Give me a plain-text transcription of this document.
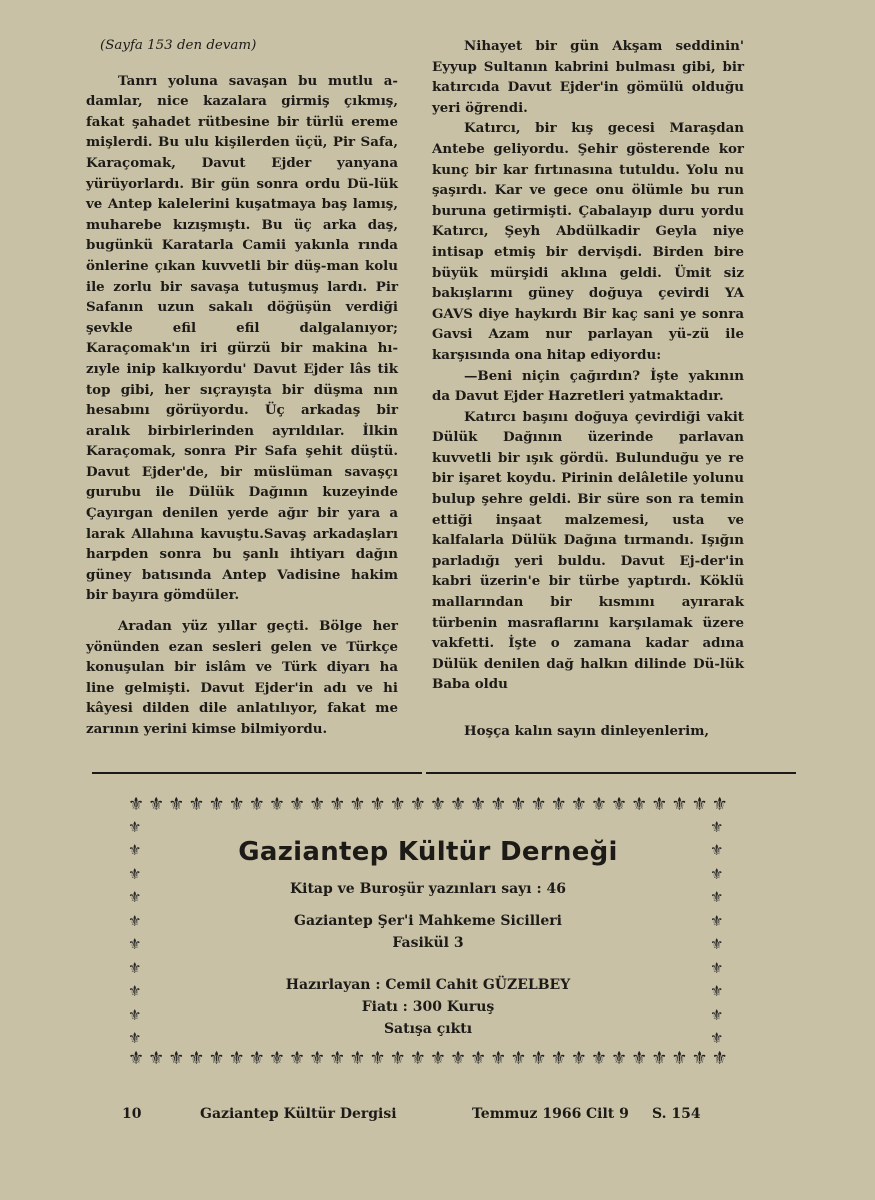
(Sayfa 153 den devam)

Tanrı yoluna savaşan bu mutlu a-damlar, nice kazalara girmiş çıkmış, fakat şahadet rütbesine bir türlü ereme mişlerdi. Bu ulu kişilerden üçü, Pir Safa, Karaçomak, Davut Ejder yanyana yürüyorlardı. Bir gün sonra ordu Dü-lük ve Antep kalelerini kuşatmaya baş lamış, muharebe kızışmıştı. Bu üç arka daş, bugünkü Karatarla Camii yakınla rında önlerine çıkan kuvvetli bir düş-man kolu ile zorlu bir savaşa tutuşmuş lardı. Pir Safanın uzun sakalı döğüşün verdiği şevkle efil efil dalgalanıyor; Karaçomak'ın iri gürzü bir makina hı-zıyle inip kalkıyordu' Davut Ejder lâs tik top gibi, her sıçrayışta bir düşma nın hesabını görüyordu. Üç arkadaş bir aralık birbirlerinden ayrıldılar. İlkin Karaçomak, sonra Pir Safa şehit düştü. Davut Ejder'de, bir müslüman savaşçı gurubu ile Dülük Dağının kuzeyinde Çayırgan denilen yerde ağır bir yara a larak Allahına kavuştu.Savaş arkadaşları harpden sonra bu şanlı ihtiyarı dağın güney batısında Antep Vadisine hakim bir bayıra gömdüler.

Aradan yüz yıllar geçti. Bölge her yönünden ezan sesleri gelen ve Türkçe konuşulan bir islâm ve Türk diyarı ha line gelmişti. Davut Ejder'in adı ve hi kâyesi dilden dile anlatılıyor, fakat me zarının yerini kimse bilmiyordu.

Nihayet bir gün Akşam seddinin' Eyyup Sultanın kabrini bulması gibi, bir katırcıda Davut Ejder'in gömülü olduğu yeri öğrendi.

Katırcı, bir kış gecesi Maraşdan Antebe geliyordu. Şehir gösterende kor kunç bir kar fırtınasına tutuldu. Yolu nu şaşırdı. Kar ve gece onu ölümle bu run buruna getirmişti. Çabalayıp duru yordu Katırcı, Şeyh Abdülkadir Geyla niye intisap etmiş bir dervişdi. Birden bire büyük mürşidi aklına geldi. Ümit siz bakışlarını güney doğuya çevirdi YA GAVS diye haykırdı Bir kaç sani ye sonra Gavsi Azam nur parlayan yü-zü ile karşısında ona hitap ediyordu:

—Beni niçin çağırdın? İşte yakının da Davut Ejder Hazretleri yatmaktadır.

Katırcı başını doğuya çevirdiği vakit Dülük Dağının üzerinde parlavan kuvvetli bir ışık gördü. Bulunduğu ye re bir işaret koydu. Pirinin delâletile yolunu bulup şehre geldi. Bir süre son ra temin ettiği inşaat malzemesi, usta ve kalfalarla Dülük Dağına tırmandı. Işığın parladığı yeri buldu. Davut Ej-der'in kabri üzerin'e bir türbe yaptırdı. Köklü mallarından bir kısmını ayırarak türbenin masraflarını karşılamak üzere vakfetti. İşte o zamana kadar adına Dülük denilen dağ halkın dilinde Dü-lük Baba oldu

Hoşça kalın sayın dinleyenlerim,

⚜ ⚜ ⚜ ⚜ ⚜ ⚜ ⚜ ⚜ ⚜ ⚜ ⚜ ⚜ ⚜ ⚜ ⚜ ⚜ ⚜ ⚜ ⚜ ⚜ ⚜ ⚜ ⚜ ⚜ ⚜ ⚜ ⚜ ⚜ ⚜ ⚜
⚜
⚜
⚜
⚜
⚜
⚜
⚜
⚜
⚜
⚜
⚜
⚜
⚜
⚜
⚜
⚜
⚜
⚜
⚜
⚜
⚜ ⚜ ⚜ ⚜ ⚜ ⚜ ⚜ ⚜ ⚜ ⚜ ⚜ ⚜ ⚜ ⚜ ⚜ ⚜ ⚜ ⚜ ⚜ ⚜ ⚜ ⚜ ⚜ ⚜ ⚜ ⚜ ⚜ ⚜ ⚜ ⚜

Gaziantep Kültür Derneği

Kitap ve Buroşür yazınları sayı : 46

Gaziantep Şer'i Mahkeme Sicilleri

Fasikül 3

Hazırlayan : Cemil Cahit GÜZELBEY

Fiatı : 300 Kuruş

Satışa çıktı

10	Gaziantep Kültür Dergisi	Temmuz 1966 Cilt 9 S. 154
